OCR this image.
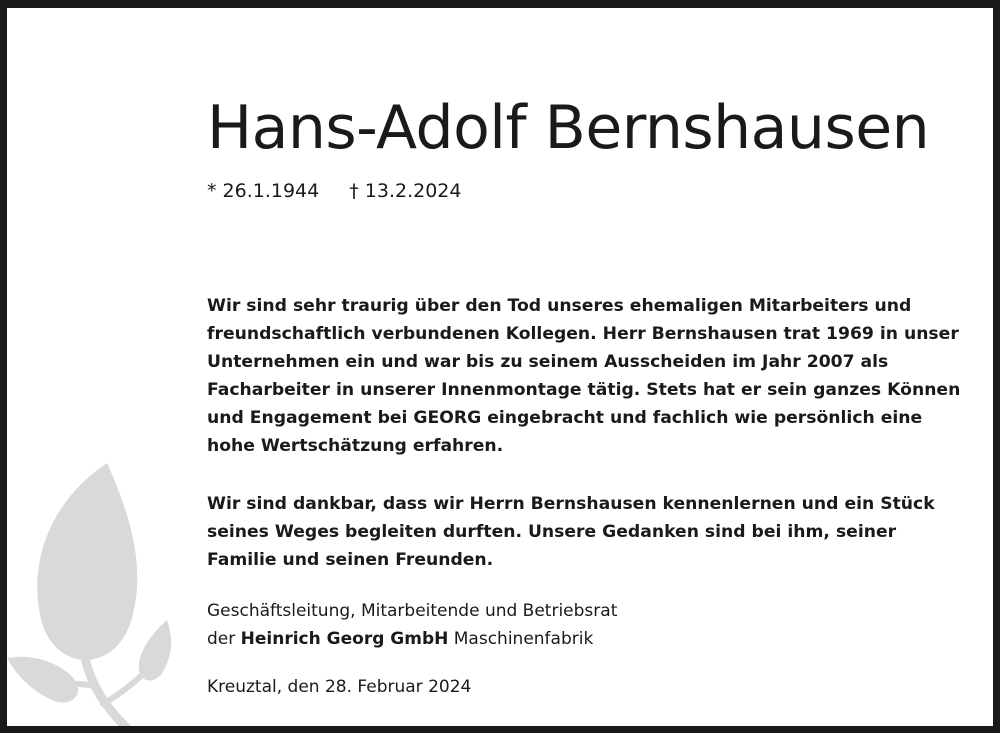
Hans-Adolf Bernshausen
* 26.1.1944 † 13.2.2024

Wir sind sehr traurig über den Tod unseres ehemaligen Mitarbeiters und freundschaftlich verbundenen Kollegen. Herr Bernshausen trat 1969 in unser Unternehmen ein und war bis zu seinem Ausscheiden im Jahr 2007 als Facharbeiter in unserer Innenmontage tätig. Stets hat er sein ganzes Können und Engagement bei GEORG eingebracht und fachlich wie persönlich eine hohe Wertschätzung erfahren.

Wir sind dankbar, dass wir Herrn Bernshausen kennenlernen und ein Stück seines Weges begleiten durften. Unsere Gedanken sind bei ihm, seiner Familie und seinen Freunden.

Geschäftsleitung, Mitarbeitende und Betriebsrat
der Heinrich Georg GmbH Maschinenfabrik
Kreuztal, den 28. Februar 2024
